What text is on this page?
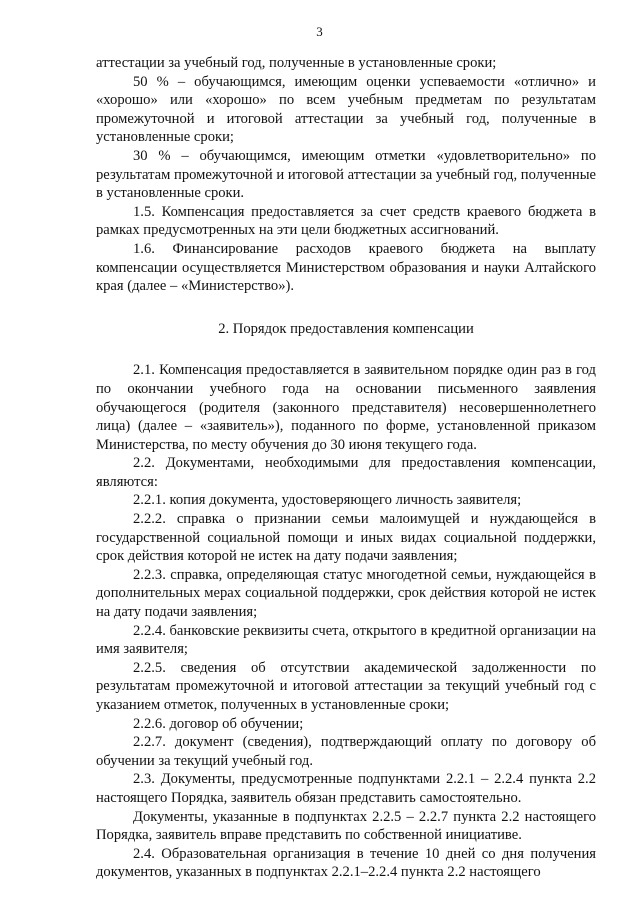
3

аттестации за учебный год, полученные в установленные сроки;

50 % – обучающимся, имеющим оценки успеваемости «отлично» и «хорошо» или «хорошо» по всем учебным предметам по результатам промежуточной и итоговой аттестации за учебный год, полученные в установленные сроки;

30 % – обучающимся, имеющим отметки «удовлетворительно» по результатам промежуточной и итоговой аттестации за учебный год, полученные в установленные сроки.

1.5. Компенсация предоставляется за счет средств краевого бюджета в рамках предусмотренных на эти цели бюджетных ассигнований.

1.6. Финансирование расходов краевого бюджета на выплату компенсации осуществляется Министерством образования и науки Алтайского края (далее – «Министерство»).

2. Порядок предоставления компенсации

2.1. Компенсация предоставляется в заявительном порядке один раз в год по окончании учебного года на основании письменного заявления обучающегося (родителя (законного представителя) несовершеннолетнего лица) (далее – «заявитель»), поданного по форме, установленной приказом Министерства, по месту обучения до 30 июня текущего года.

2.2. Документами, необходимыми для предоставления компенсации, являются:

2.2.1. копия документа, удостоверяющего личность заявителя;

2.2.2. справка о признании семьи малоимущей и нуждающейся в государственной социальной помощи и иных видах социальной поддержки, срок действия которой не истек на дату подачи заявления;

2.2.3. справка, определяющая статус многодетной семьи, нуждающейся в дополнительных мерах социальной поддержки, срок действия которой не истек на дату подачи заявления;

2.2.4. банковские реквизиты счета, открытого в кредитной организации на имя заявителя;

2.2.5. сведения об отсутствии академической задолженности по результатам промежуточной и итоговой аттестации за текущий учебный год с указанием отметок, полученных в установленные сроки;

2.2.6. договор об обучении;

2.2.7. документ (сведения), подтверждающий оплату по договору об обучении за текущий учебный год.

2.3. Документы, предусмотренные подпунктами 2.2.1 – 2.2.4 пункта 2.2 настоящего Порядка, заявитель обязан представить самостоятельно.

Документы, указанные в подпунктах 2.2.5 – 2.2.7 пункта 2.2 настоящего Порядка, заявитель вправе представить по собственной инициативе.

2.4. Образовательная организация в течение 10 дней со дня получения документов, указанных в подпунктах 2.2.1–2.2.4 пункта 2.2 настоящего
